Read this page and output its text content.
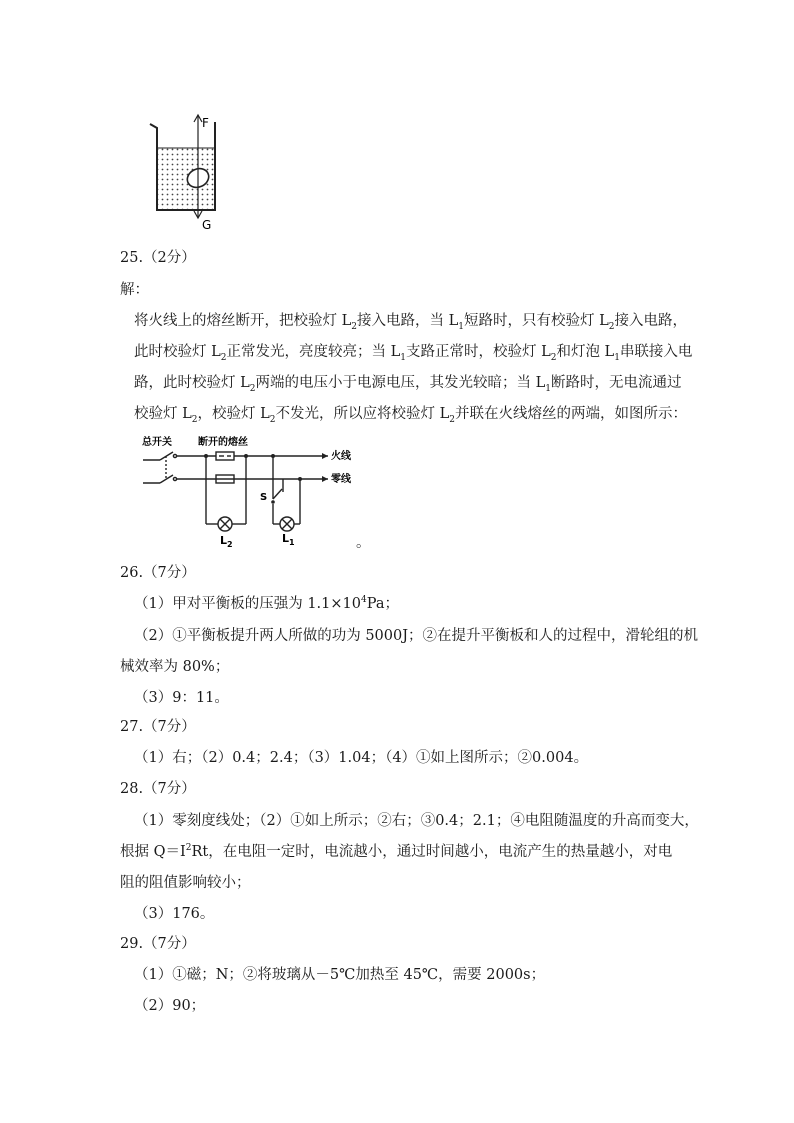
F
G
25.（2分）
解：
将火线上的熔丝断开，把校验灯 $L_2$接入电路，当 $L_1$短路时，只有校验灯 $L_2$接入电路，
此时校验灯 $L_2$正常发光，亮度较亮；当 $L_1$支路正常时，校验灯 $L_2$和灯泡 $L_1$串联接入电
路，此时校验灯 $L_2$两端的电压小于电源电压，其发光较暗；当 $L_1$断路时，无电流通过
校验灯 $L_2$，校验灯 $L_2$不发光，所以应将校验灯 $L_2$并联在火线熔丝的两端，如图所示：
总开关	断开的熔丝
火线
零线
S
$L_2$	$L_1$	。
26.（7分）
（1）甲对平衡板的压强为 $1.1\times 10^4Pa$；
（2）①平衡板提升两人所做的功为 5000J；②在提升平衡板和人的过程中，滑轮组的机
械效率为 80%；
（3）9：11。
27.（7分）
（1）右；（2）0.4；2.4；（3）1.04；（4）①如上图所示；②0.004。
28.（7分）
（1）零刻度线处；（2）①如上所示；②右；③0.4；2.1；④电阻随温度的升高而变大，
根据 $Q=I^2Rt$，在电阻一定时，电流越小，通过时间越小，电流产生的热量越小，对电
阻的阻值影响较小；
（3）176。
29.（7分）
（1）①磁；N；②将玻璃从－5℃加热至 45℃，需要 2000s；
（2）90；
